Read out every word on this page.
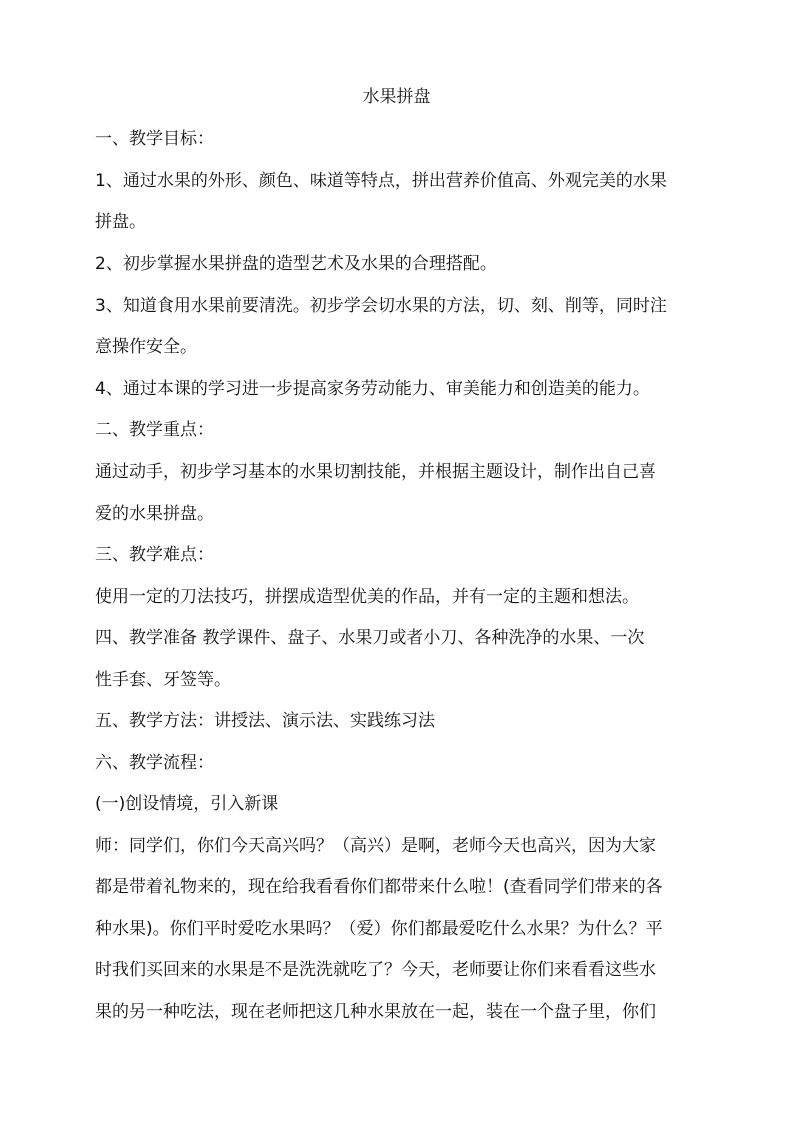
水果拼盘
一、教学目标：
1、通过水果的外形、颜色、味道等特点，拼出营养价值高、外观完美的水果
拼盘。
2、初步掌握水果拼盘的造型艺术及水果的合理搭配。
3、知道食用水果前要清洗。初步学会切水果的方法，切、刻、削等，同时注
意操作安全。
4、通过本课的学习进一步提高家务劳动能力、审美能力和创造美的能力。
二、教学重点：
通过动手，初步学习基本的水果切割技能，并根据主题设计，制作出自己喜
爱的水果拼盘。
三、教学难点：
使用一定的刀法技巧，拼摆成造型优美的作品，并有一定的主题和想法。
四、教学准备 教学课件、盘子、水果刀或者小刀、各种洗净的水果、一次
性手套、牙签等。
五、教学方法：讲授法、演示法、实践练习法
六、教学流程：
(一)创设情境，引入新课
师：同学们，你们今天高兴吗？（高兴）是啊，老师今天也高兴，因为大家
都是带着礼物来的，现在给我看看你们都带来什么啦！(查看同学们带来的各
种水果)。你们平时爱吃水果吗？（爱）你们都最爱吃什么水果？为什么？平
时我们买回来的水果是不是洗洗就吃了？今天，老师要让你们来看看这些水
果的另一种吃法，现在老师把这几种水果放在一起，装在一个盘子里，你们
